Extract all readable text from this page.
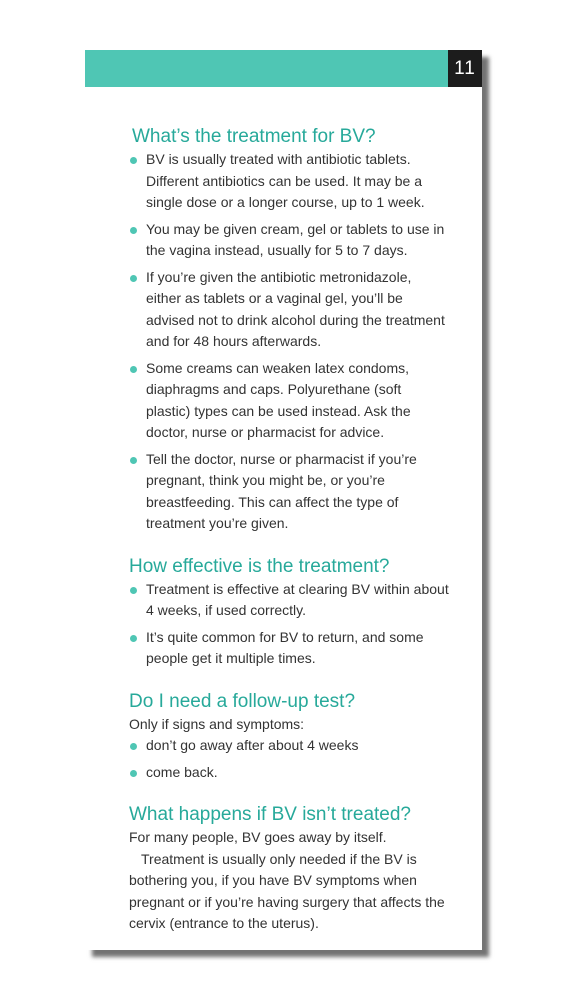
11
What’s the treatment for BV?
BV is usually treated with antibiotic tablets. Different antibiotics can be used. It may be a single dose or a longer course, up to 1 week.
You may be given cream, gel or tablets to use in the vagina instead, usually for 5 to 7 days.
If you’re given the antibiotic metronidazole, either as tablets or a vaginal gel, you’ll be advised not to drink alcohol during the treatment and for 48 hours afterwards.
Some creams can weaken latex condoms, diaphragms and caps. Polyurethane (soft plastic) types can be used instead. Ask the doctor, nurse or pharmacist for advice.
Tell the doctor, nurse or pharmacist if you’re pregnant, think you might be, or you’re breastfeeding. This can affect the type of treatment you’re given.
How effective is the treatment?
Treatment is effective at clearing BV within about 4 weeks, if used correctly.
It’s quite common for BV to return, and some people get it multiple times.
Do I need a follow-up test?

Only if signs and symptoms:

don’t go away after about 4 weeks
come back.
What happens if BV isn’t treated?

For many people, BV goes away by itself.

Treatment is usually only needed if the BV is bothering you, if you have BV symptoms when pregnant or if you’re having surgery that affects the cervix (entrance to the uterus).
